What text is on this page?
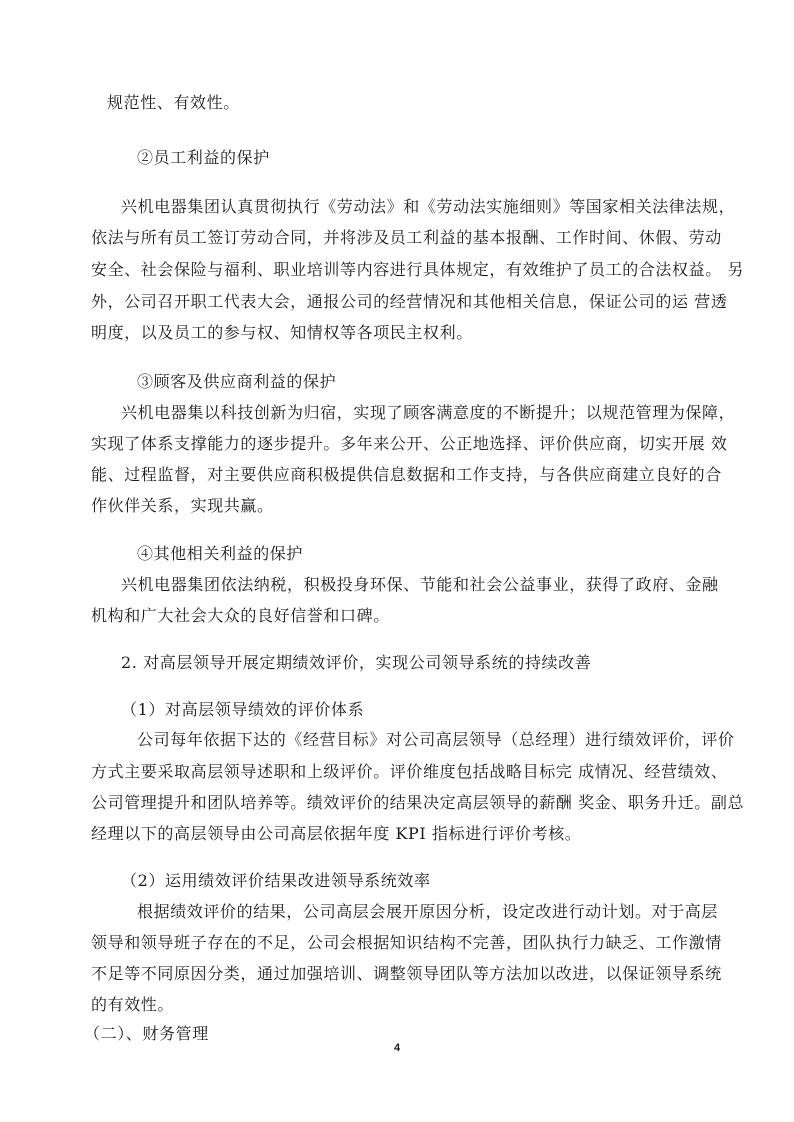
规范性、有效性。
②员工利益的保护
兴机电器集团认真贯彻执行《劳动法》和《劳动法实施细则》等国家相关法律法规，
依法与所有员工签订劳动合同，并将涉及员工利益的基本报酬、工作时间、休假、劳动
安全、社会保险与福利、职业培训等内容进行具体规定，有效维护了员工的合法权益。 另
外，公司召开职工代表大会，通报公司的经营情况和其他相关信息，保证公司的运 营透
明度，以及员工的参与权、知情权等各项民主权利。
③顾客及供应商利益的保护
兴机电器集以科技创新为归宿，实现了顾客满意度的不断提升；以规范管理为保障，
实现了体系支撑能力的逐步提升。多年来公开、公正地选择、评价供应商，切实开展 效
能、过程监督，对主要供应商积极提供信息数据和工作支持，与各供应商建立良好的合
作伙伴关系，实现共赢。
④其他相关利益的保护
兴机电器集团依法纳税，积极投身环保、节能和社会公益事业，获得了政府、金融
机构和广大社会大众的良好信誉和口碑。
2. 对高层领导开展定期绩效评价，实现公司领导系统的持续改善
（1）对高层领导绩效的评价体系
公司每年依据下达的《经营目标》对公司高层领导（总经理）进行绩效评价，评价
方式主要采取高层领导述职和上级评价。评价维度包括战略目标完 成情况、经营绩效、
公司管理提升和团队培养等。绩效评价的结果决定高层领导的薪酬 奖金、职务升迁。副总
经理以下的高层领导由公司高层依据年度 KPI 指标进行评价考核。
（2）运用绩效评价结果改进领导系统效率
根据绩效评价的结果，公司高层会展开原因分析，设定改进行动计划。对于高层
领导和领导班子存在的不足，公司会根据知识结构不完善，团队执行力缺乏、工作激情
不足等不同原因分类，通过加强培训、调整领导团队等方法加以改进，以保证领导系统
的有效性。
（二）、财务管理
4
